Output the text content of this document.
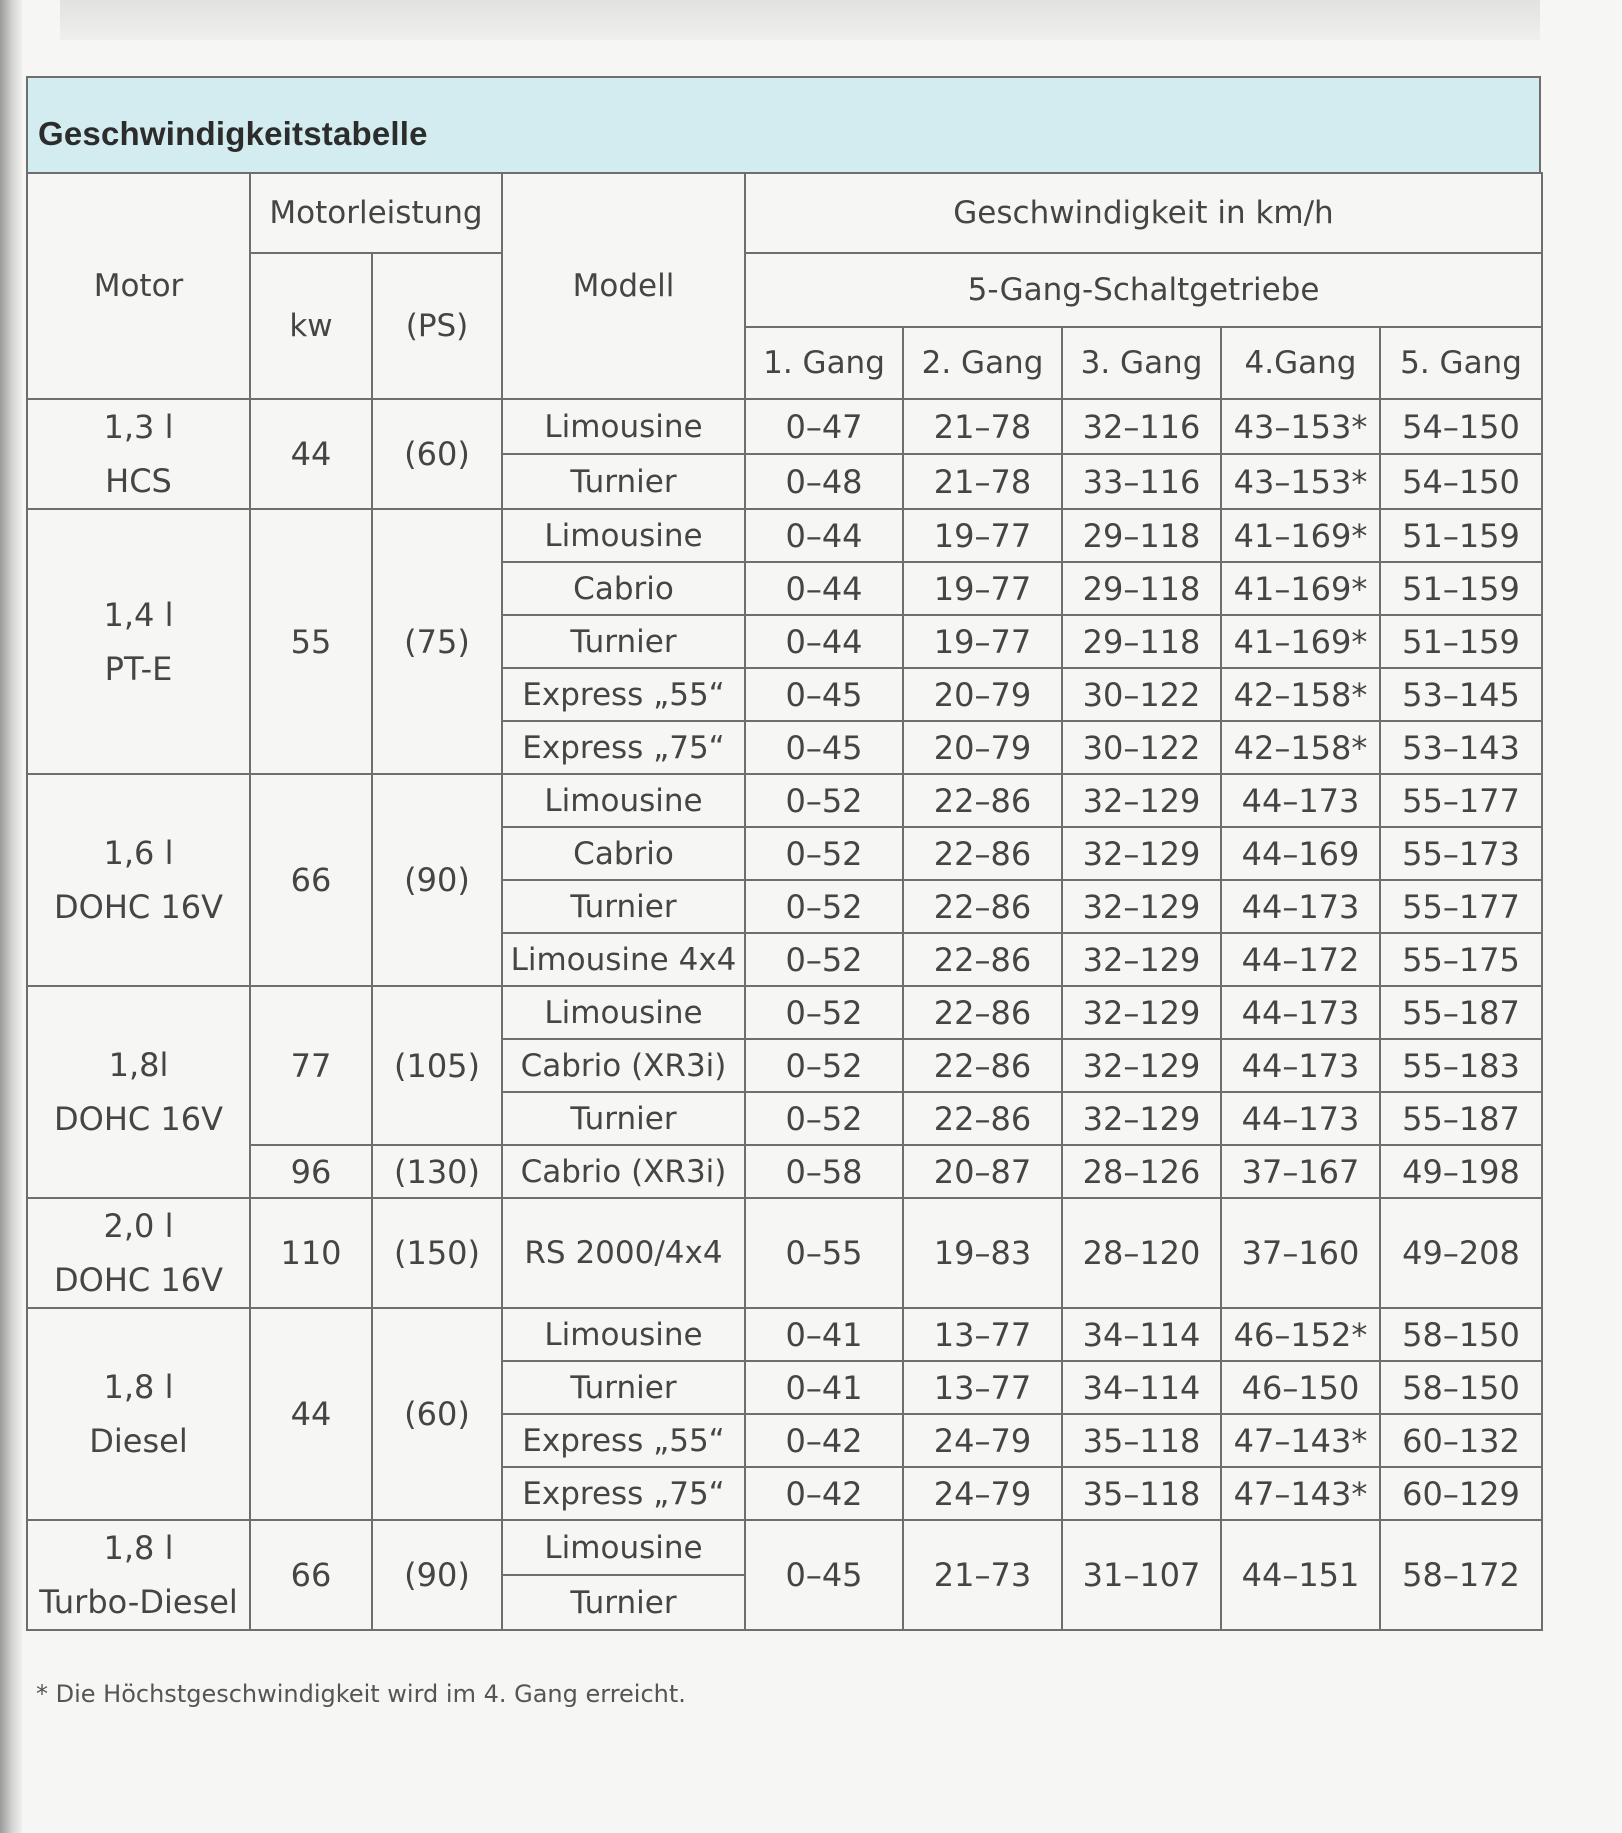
Geschwindigkeitstabelle
Motor	Motorleistung		Modell	Geschwindigkeit in km/h				
	kw	(PS)		5-Gang-Schaltgetriebe				
				1. Gang	2. Gang	3. Gang	4.Gang	5. Gang

1,3 l
HCS	44	(60)	Limousine	0–47	21–78	32–116	43–153*	54–150
			Turnier	0–48	21–78	33–116	43–153*	54–150

1,4 l
PT-E	55	(75)	Limousine	0–44	19–77	29–118	41–169*	51–159
			Cabrio	0–44	19–77	29–118	41–169*	51–159
			Turnier	0–44	19–77	29–118	41–169*	51–159
			Express „55“	0–45	20–79	30–122	42–158*	53–145
			Express „75“	0–45	20–79	30–122	42–158*	53–143

1,6 l
DOHC 16V	66	(90)	Limousine	0–52	22–86	32–129	44–173	55–177
			Cabrio	0–52	22–86	32–129	44–169	55–173
			Turnier	0–52	22–86	32–129	44–173	55–177
			Limousine 4x4	0–52	22–86	32–129	44–172	55–175

1,8l
DOHC 16V	77	(105)	Limousine	0–52	22–86	32–129	44–173	55–187
			Cabrio (XR3i)	0–52	22–86	32–129	44–173	55–183
			Turnier	0–52	22–86	32–129	44–173	55–187
	96	(130)	Cabrio (XR3i)	0–58	20–87	28–126	37–167	49–198

2,0 l
DOHC 16V	110	(150)	RS 2000/4x4	0–55	19–83	28–120	37–160	49–208

1,8 l
Diesel	44	(60)	Limousine	0–41	13–77	34–114	46–152*	58–150
			Turnier	0–41	13–77	34–114	46–150	58–150
			Express „55“	0–42	24–79	35–118	47–143*	60–132
			Express „75“	0–42	24–79	35–118	47–143*	60–129

1,8 l
Turbo-Diesel	66	(90)	Limousine	0–45	21–73	31–107	44–151	58–172
			Turnier					
* Die Höchstgeschwindigkeit wird im 4. Gang erreicht.
